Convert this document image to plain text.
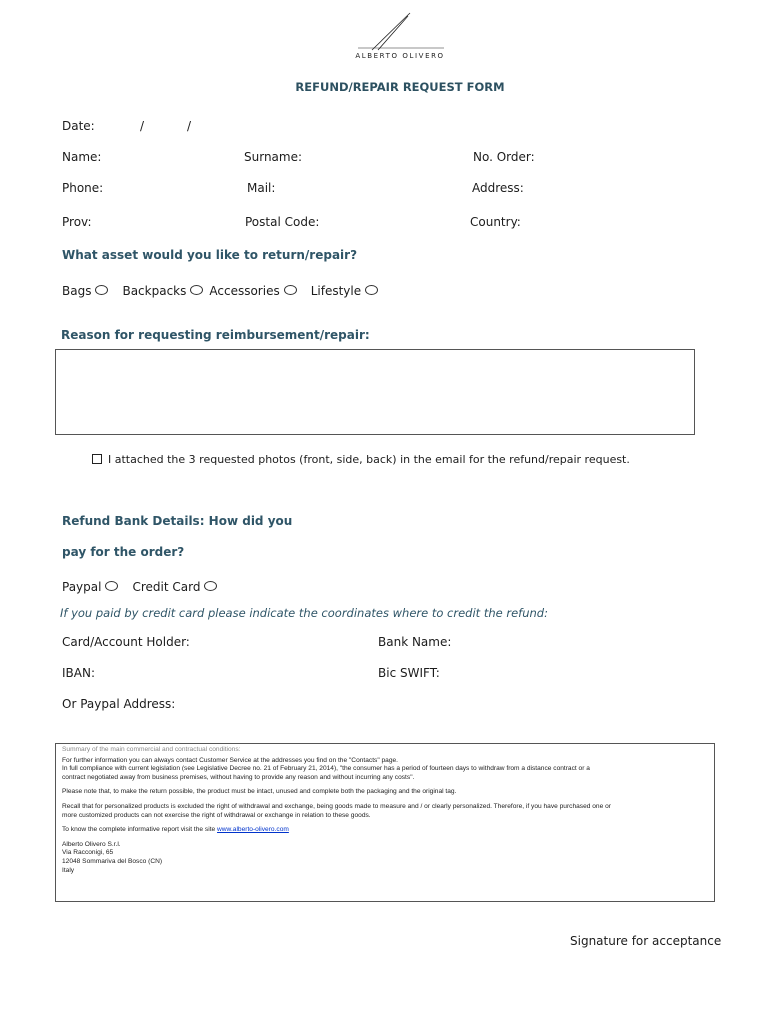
ALBERTO OLIVERO
REFUND/REPAIR REQUEST FORM
Date:	/	/
Name:	Surname:	No. Order:
Phone:	Mail:	Address:
Prov:	Postal Code:	Country:
What asset would you like to return/repair?
Bags	Backpacks Accessories	Lifestyle
Reason for requesting reimbursement/repair:
I attached the 3 requested photos (front, side, back) in the email for the refund/repair request.
Refund Bank Details: How did you
pay for the order?
Paypal	Credit Card
If you paid by credit card please indicate the coordinates where to credit the refund:
Card/Account Holder:	Bank Name:
IBAN:	Bic SWIFT:
Or Paypal Address:
Summary of the main commercial and contractual conditions:
For further information you can always contact Customer Service at the addresses you find on the "Contacts" page.
In full compliance with current legislation (see Legislative Decree no. 21 of February 21, 2014), "the consumer has a period of fourteen days to withdraw from a distance contract or a
contract negotiated away from business premises, without having to provide any reason and without incurring any costs".
Please note that, to make the return possible, the product must be intact, unused and complete both the packaging and the original tag.
Recall that for personalized products is excluded the right of withdrawal and exchange, being goods made to measure and / or clearly personalized. Therefore, if you have purchased one or
more customized products can not exercise the right of withdrawal or exchange in relation to these goods.
To know the complete informative report visit the site www.alberto-olivero.com
Alberto Olivero S.r.l.
Via Racconigi, 65
12048 Sommariva del Bosco (CN)
Italy
Signature for acceptance
